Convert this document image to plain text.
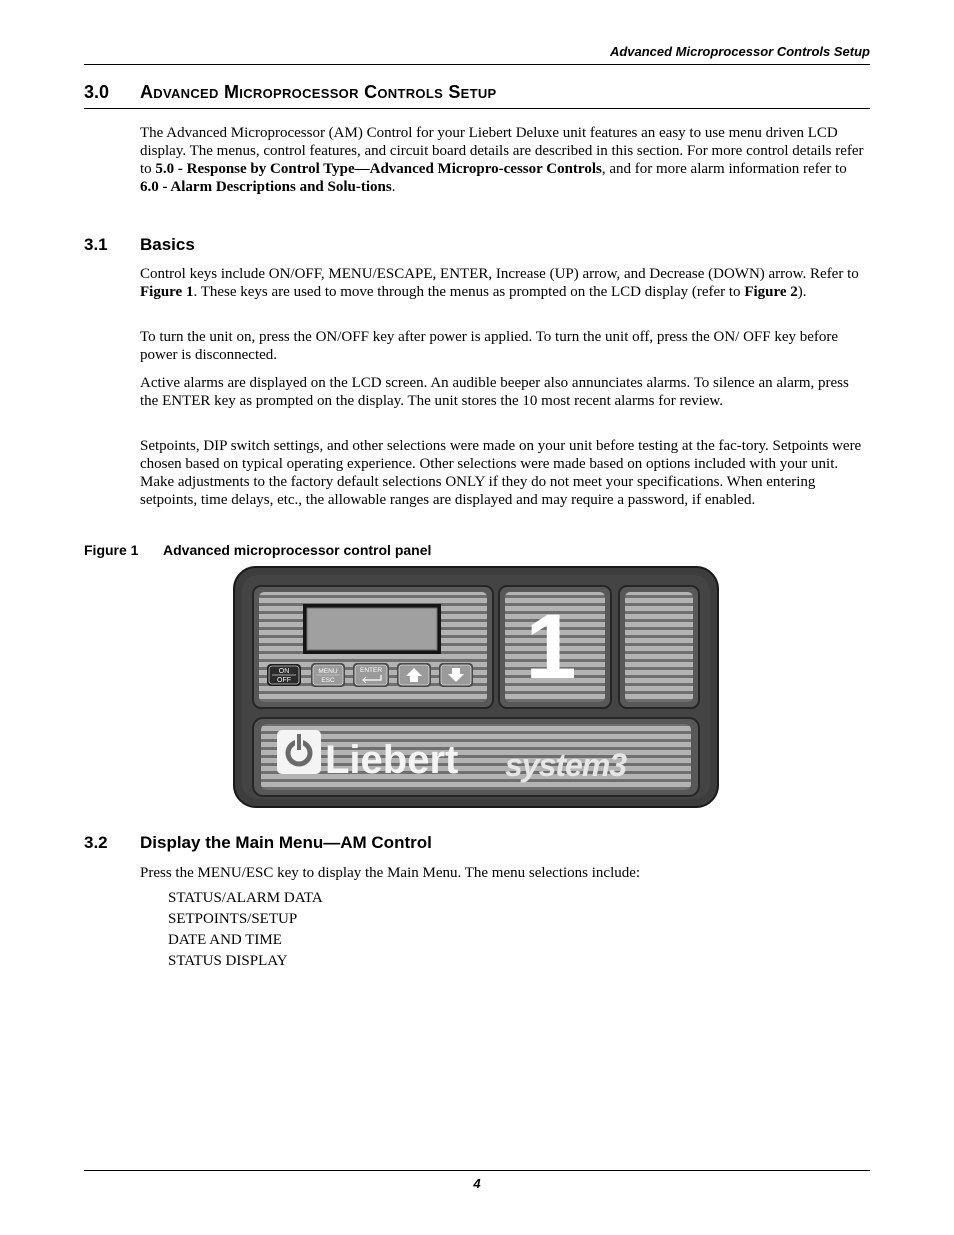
Advanced Microprocessor Controls Setup
3.0 Advanced Microprocessor Controls Setup

The Advanced Microprocessor (AM) Control for your Liebert Deluxe unit features an easy to use menu driven LCD display. The menus, control features, and circuit board details are described in this section. For more control details refer to 5.0 - Response by Control Type—Advanced Micropro-cessor Controls, and for more alarm information refer to 6.0 - Alarm Descriptions and Solu-tions.

3.1 Basics

Control keys include ON/OFF, MENU/ESCAPE, ENTER, Increase (UP) arrow, and Decrease (DOWN) arrow. Refer to Figure 1. These keys are used to move through the menus as prompted on the LCD display (refer to Figure 2).

To turn the unit on, press the ON/OFF key after power is applied. To turn the unit off, press the ON/ OFF key before power is disconnected.

Active alarms are displayed on the LCD screen. An audible beeper also annunciates alarms. To silence an alarm, press the ENTER key as prompted on the display. The unit stores the 10 most recent alarms for review.

Setpoints, DIP switch settings, and other selections were made on your unit before testing at the fac-tory. Setpoints were chosen based on typical operating experience. Other selections were made based on options included with your unit. Make adjustments to the factory default selections ONLY if they do not meet your specifications. When entering setpoints, time delays, etc., the allowable ranges are displayed and may require a password, if enabled.

Figure 1 Advanced microprocessor control panel
ON
OFF
MENU
ESC
ENTER 1
Liebert system3
3.2 Display the Main Menu—AM Control

Press the MENU/ESC key to display the Main Menu. The menu selections include:

STATUS/ALARM DATA
SETPOINTS/SETUP
DATE AND TIME
STATUS DISPLAY
4
